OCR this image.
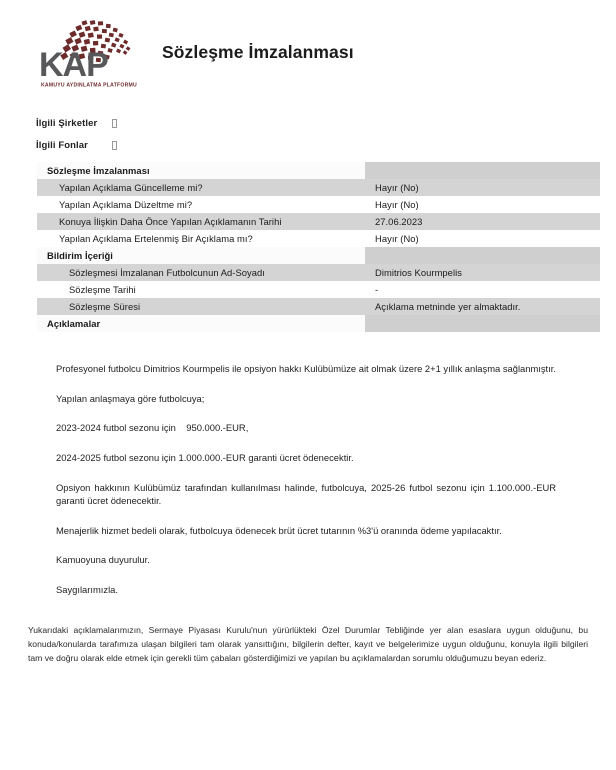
KAP
KAMUYU AYDINLATMA PLATFORMU
Sözleşme İmzalanması
İlgili Şirketler
İlgili Fonlar
Sözleşme İmzalanması	
Yapılan Açıklama Güncelleme mi?	Hayır (No)
Yapılan Açıklama Düzeltme mi?	Hayır (No)
Konuya İlişkin Daha Önce Yapılan Açıklamanın Tarihi	27.06.2023
Yapılan Açıklama Ertelenmiş Bir Açıklama mı?	Hayır (No)
Bildirim İçeriği	
Sözleşmesi İmzalanan Futbolcunun Ad-Soyadı	Dimitrios Kourmpelis
Sözleşme Tarihi	-
Sözleşme Süresi	Açıklama metninde yer almaktadır.
Açıklamalar	

Profesyonel futbolcu Dimitrios Kourmpelis ile opsiyon hakkı Kulübümüze ait olmak üzere 2+1 yıllık anlaşma sağlanmıştır.

Yapılan anlaşmaya göre futbolcuya;

2023-2024 futbol sezonu için    950.000.-EUR,

2024-2025 futbol sezonu için 1.000.000.-EUR garanti ücret ödenecektir.

Opsiyon hakkının Kulübümüz tarafından kullanılması halinde, futbolcuya, 2025-26 futbol sezonu için 1.100.000.-EUR garanti ücret ödenecektir.

Menajerlik hizmet bedeli olarak, futbolcuya ödenecek brüt ücret tutarının %3'ü oranında ödeme yapılacaktır.

Kamuoyuna duyurulur.

Saygılarımızla.

Yukarıdaki açıklamalarımızın, Sermaye Piyasası Kurulu'nun yürürlükteki Özel Durumlar Tebliğinde yer alan esaslara uygun olduğunu, bu konuda/konularda tarafımıza ulaşan bilgileri tam olarak yansıttığını, bilgilerin defter, kayıt ve belgelerimize uygun olduğunu, konuyla ilgili bilgileri tam ve doğru olarak elde etmek için gerekli tüm çabaları gösterdiğimizi ve yapılan bu açıklamalardan sorumlu olduğumuzu beyan ederiz.
